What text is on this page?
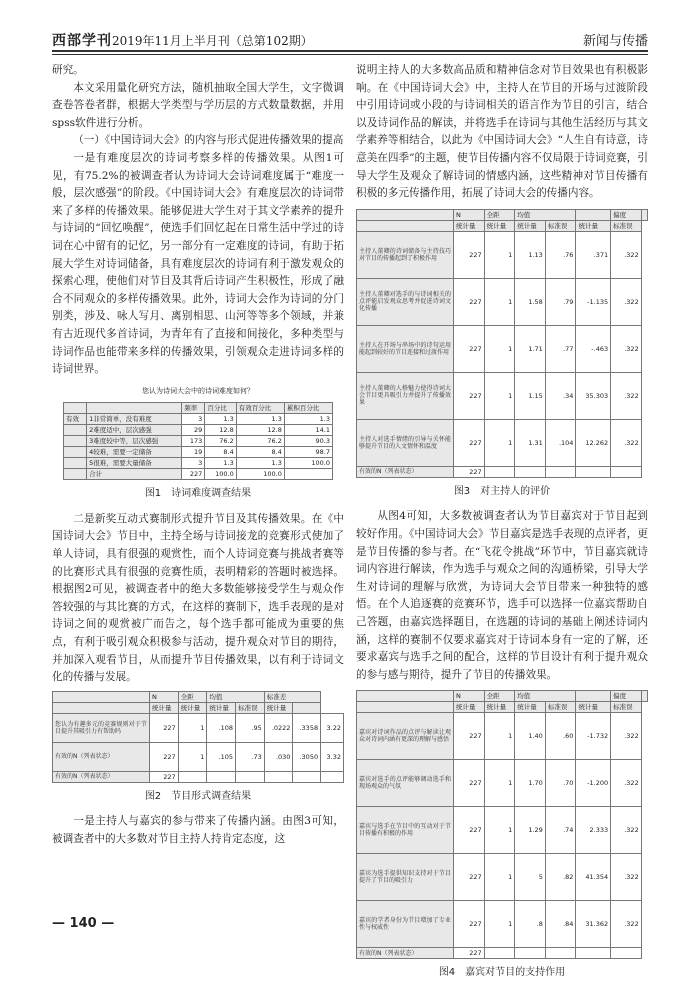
西部学刊2019年11月上半月刊（总第102期）	新闻与传播

研究。

本文采用量化研究方法，随机抽取全国大学生，文字微调查卷答卷者群，根据大学类型与学历层的方式数量数据，并用spss软件进行分析。

（一）《中国诗词大会》的内容与形式促进传播效果的提高

一是有难度层次的诗词考察多样的传播效果。从图1可见，有75.2%的被调查者认为诗词大会诗词难度属于“难度一般，层次感强”的阶段。《中国诗词大会》有难度层次的诗词带来了多样的传播效果。能够促进大学生对于其文学素养的提升与诗词的“回忆唤醒”，使选手们回忆起在日常生活中学过的诗词在心中留有的记忆，另一部分有一定难度的诗词，有助于拓展大学生对诗词储备，具有难度层次的诗词有利于激发观众的探索心理，使他们对节目及其背后诗词产生积极性，形成了融合不同观众的多样传播效果。此外，诗词大会作为诗词的分门别类，涉及、咏人写月、离别相思、山河等等多个领域，并兼有古近现代多首诗词，为青年有了直接和间接化，多种类型与诗词作品也能带来多样的传播效果，引领观众走进诗词多样的诗词世界。

您认为诗词大会中的诗词难度如何？
		频率	百分比	有效百分比	累积百分比
有效	1非常简单，没有难度	3	1.3	1.3	1.3
	2难度适中，层次感强	29	12.8	12.8	14.1
	3难度较中等，层次感强	173	76.2	76.2	90.3
	4较难，需要一定储备	19	8.4	8.4	98.7
	5很难，需要大量储备	3	1.3	1.3	100.0
	合计	227	100.0	100.0	
图1　诗词难度调查结果

二是新奖互动式赛制形式提升节目及其传播效果。在《中国诗词大会》节目中，主持全场与诗词接龙的竞赛形式使加了单人诗词，具有很强的观赏性，而个人诗词竞赛与挑战者赛等的比赛形式具有很强的竞赛性质，表明精彩的答题时被选择。根据图2可见，被调查者中的绝大多数能够接受学生与观众作答较强的与其比赛的方式，在这样的赛制下，选手表现的是对诗词之间的观赏被广而告之，每个选手都可能成为重要的焦点，有利于吸引观众积极参与活动，提升观众对节目的期待，并加深入观看节目，从而提升节目传播效果，以有利于诗词文化的传播与发展。

	N	全距	均值		标准差		
	统计量	统计量	统计量	标准误	统计量		
您认为有趣多元的竞赛规则对于节目提升其吸引力有帮助吗	227	1	.108	.95	.0222	.3358	3.22
有效的N（列表状态）	227	1	.105	.73	.030	.3050	3.32
有效的N（列表状态）	227						
图2　节目形式调查结果

一是主持人与嘉宾的参与带来了传播内涵。由图3可知，被调查者中的大多数对节目主持人持肯定态度，这

说明主持人的大多数高品质和精神信念对节目效果也有积极影响。在《中国诗词大会》中，主持人在节目的开场与过渡阶段中引用诗词或小段的与诗词相关的语言作为节目的引言，结合以及诗词作品的解读，并将选手在诗词与其他生活经历与其文学素养等相结合，以此为《中国诗词大会》“人生自有诗意，诗意美在四季”的主题，使节目传播内容不仅局限于诗词竞赛，引导大学生及观众了解诗词的情感内涵，这些精神对节目传播有积极的多元传播作用，拓展了诗词大会的传播内容。

	N	全距	均值			偏度	
	统计量	统计量	统计量	标准误	统计量	标准误	
主持人董卿的诗词储备与主持技巧对节目的传播起到了积极作用	227	1	1.13	.76	.371	.322	
主持人董卿对选手的与诗词相关的点评能启发观众思考并促进诗词文化传播	227	1	1.58	.79	-1.135	.322	
主持人在开场与串场中的诗句运用能起到较好的节目连接和过渡作用	227	1	1.71	.77	-.463	.322	
主持人董卿的人格魅力使得诗词大会节目更具吸引力并提升了传播效果	227	1	1.15	.34	35.303	.322	
主持人对选手情绪的引导与关怀能够提升节目的人文情怀和温度	227	1	1.31	.104	12.262	.322	
有效的N（列表状态）	227						
图3　对主持人的评价

从图4可知，大多数被调查者认为节目嘉宾对于节目起到较好作用。《中国诗词大会》节目嘉宾是选手表现的点评者，更是节目传播的参与者。在“飞花令挑战”环节中，节目嘉宾就诗词内容进行解读，作为选手与观众之间的沟通桥梁，引导大学生对诗词的理解与欣赏，为诗词大会节目带来一种独特的感悟。在个人追逐赛的竞赛环节，选手可以选择一位嘉宾帮助自己答题，由嘉宾选择题目，在选题的诗词的基础上阐述诗词内涵，这样的赛制不仅要求嘉宾对于诗词本身有一定的了解，还要求嘉宾与选手之间的配合，这样的节目设计有利于提升观众的参与感与期待，提升了节目的传播效果。

	N	全距	均值			偏度	
	统计量	统计量	统计量	标准误	统计量	标准误	
嘉宾对诗词作品的点评与解读让观众对诗词内涵有更深的理解与感悟	227	1	1.40	.60	-1.732	.322	
嘉宾对选手的点评能够调动选手和现场观众的气氛	227	1	1.70	.70	-1.200	.322	
嘉宾与选手在节目中的互动对于节目传播有积极的作用	227	1	1.29	.74	2.333	.322	
嘉宾为选手提供知识支持对于节目提升了节目的吸引力	227	1	5	.82	41.354	.322	
嘉宾的学者身份为节目增加了专业性与权威性	227	1	.8	.84	31.362	.322	
有效的N（列表状态）	227						
图4　嘉宾对节目的支持作用
— 140 —
